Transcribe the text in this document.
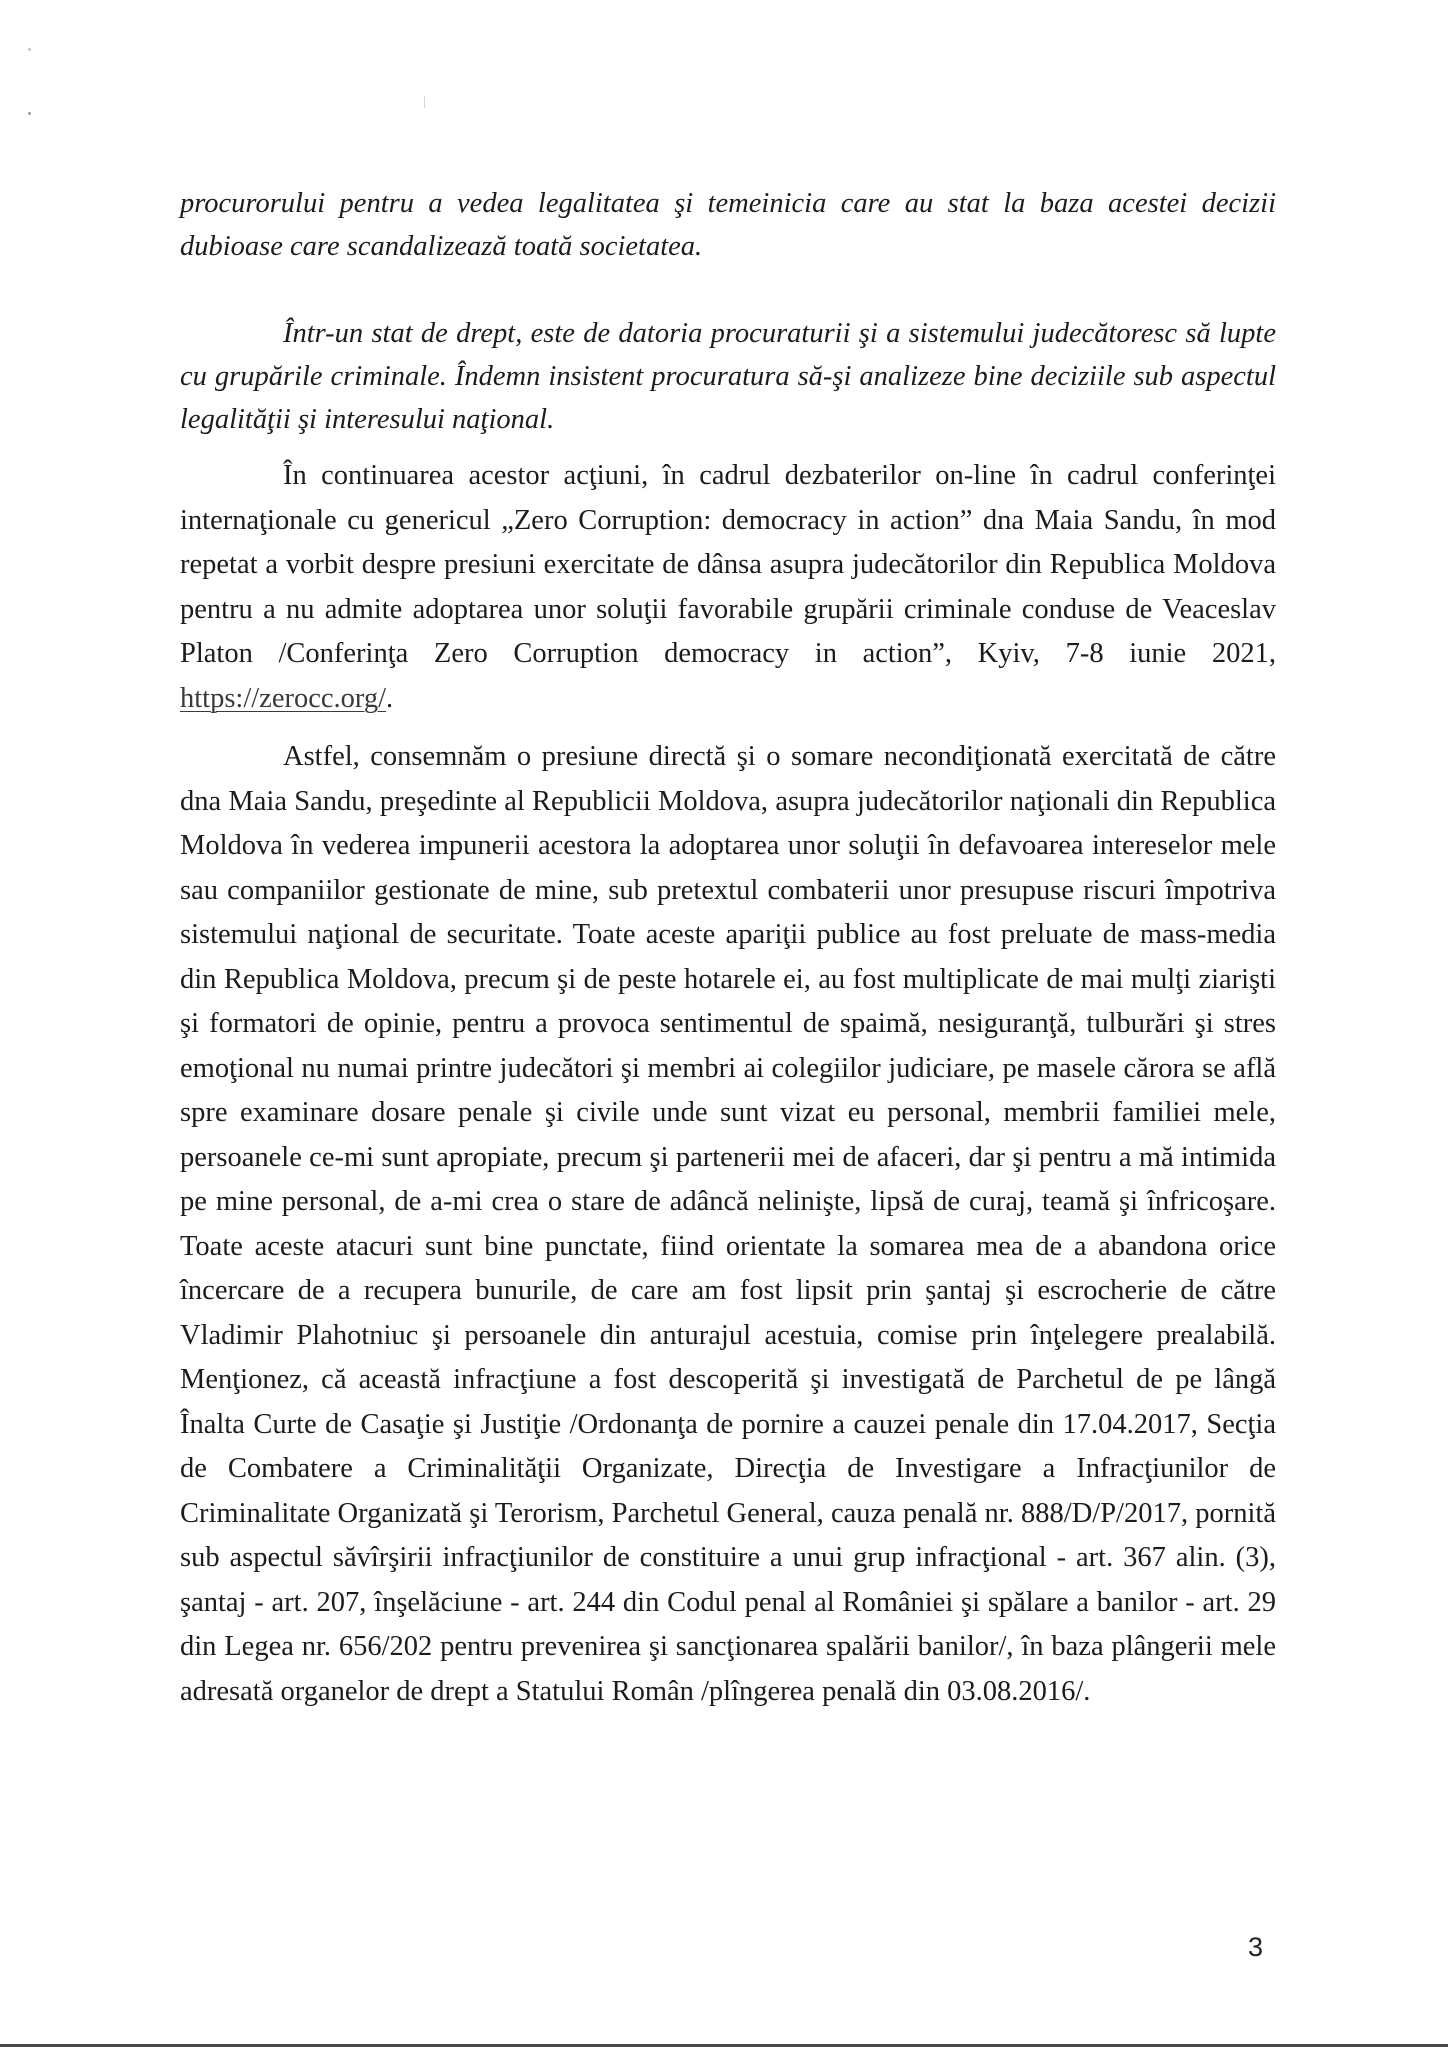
procurorului pentru a vedea legalitatea şi temeinicia care au stat la baza acestei decizii dubioase care scandalizează toată societatea.

Într-un stat de drept, este de datoria procuraturii şi a sistemului judecătoresc să lupte cu grupările criminale. Îndemn insistent procuratura să-şi analizeze bine deciziile sub aspectul legalităţii şi interesului naţional.

În continuarea acestor acţiuni, în cadrul dezbaterilor on-line în cadrul conferinţei internaţionale cu genericul „Zero Corruption: democracy in action” dna Maia Sandu, în mod repetat a vorbit despre presiuni exercitate de dânsa asupra judecătorilor din Republica Moldova pentru a nu admite adoptarea unor soluţii favorabile grupării criminale conduse de Veaceslav Platon /Conferinţa Zero Corruption democracy in action”, Kyiv, 7-8 iunie 2021, https://zerocc.org/.

Astfel, consemnăm o presiune directă şi o somare necondiţionată exercitată de către dna Maia Sandu, preşedinte al Republicii Moldova, asupra judecătorilor naţionali din Republica Moldova în vederea impunerii acestora la adoptarea unor soluţii în defavoarea intereselor mele sau companiilor gestionate de mine, sub pretextul combaterii unor presupuse riscuri împotriva sistemului naţional de securitate. Toate aceste apariţii publice au fost preluate de mass-media din Republica Moldova, precum şi de peste hotarele ei, au fost multiplicate de mai mulţi ziarişti şi formatori de opinie, pentru a provoca sentimentul de spaimă, nesiguranţă, tulburări şi stres emoţional nu numai printre judecători şi membri ai colegiilor judiciare, pe masele cărora se află spre examinare dosare penale şi civile unde sunt vizat eu personal, membrii familiei mele, persoanele ce-mi sunt apropiate, precum şi partenerii mei de afaceri, dar şi pentru a mă intimida pe mine personal, de a-mi crea o stare de adâncă nelinişte, lipsă de curaj, teamă şi înfricoşare. Toate aceste atacuri sunt bine punctate, fiind orientate la somarea mea de a abandona orice încercare de a recupera bunurile, de care am fost lipsit prin şantaj şi escrocherie de către Vladimir Plahotniuc şi persoanele din anturajul acestuia, comise prin înţelegere prealabilă. Menţionez, că această infracţiune a fost descoperită şi investigată de Parchetul de pe lângă Înalta Curte de Casaţie şi Justiţie /Ordonanţa de pornire a cauzei penale din 17.04.2017, Secţia de Combatere a Criminalităţii Organizate, Direcţia de Investigare a Infracţiunilor de Criminalitate Organizată şi Terorism, Parchetul General, cauza penală nr. 888/D/P/2017, pornită sub aspectul săvîrşirii infracţiunilor de constituire a unui grup infracţional - art. 367 alin. (3), şantaj - art. 207, înşelăciune - art. 244 din Codul penal al României şi spălare a banilor - art. 29 din Legea nr. 656/202 pentru prevenirea şi sancţionarea spalării banilor/, în baza plângerii mele adresată organelor de drept a Statului Român /plîngerea penală din 03.08.2016/.

3
